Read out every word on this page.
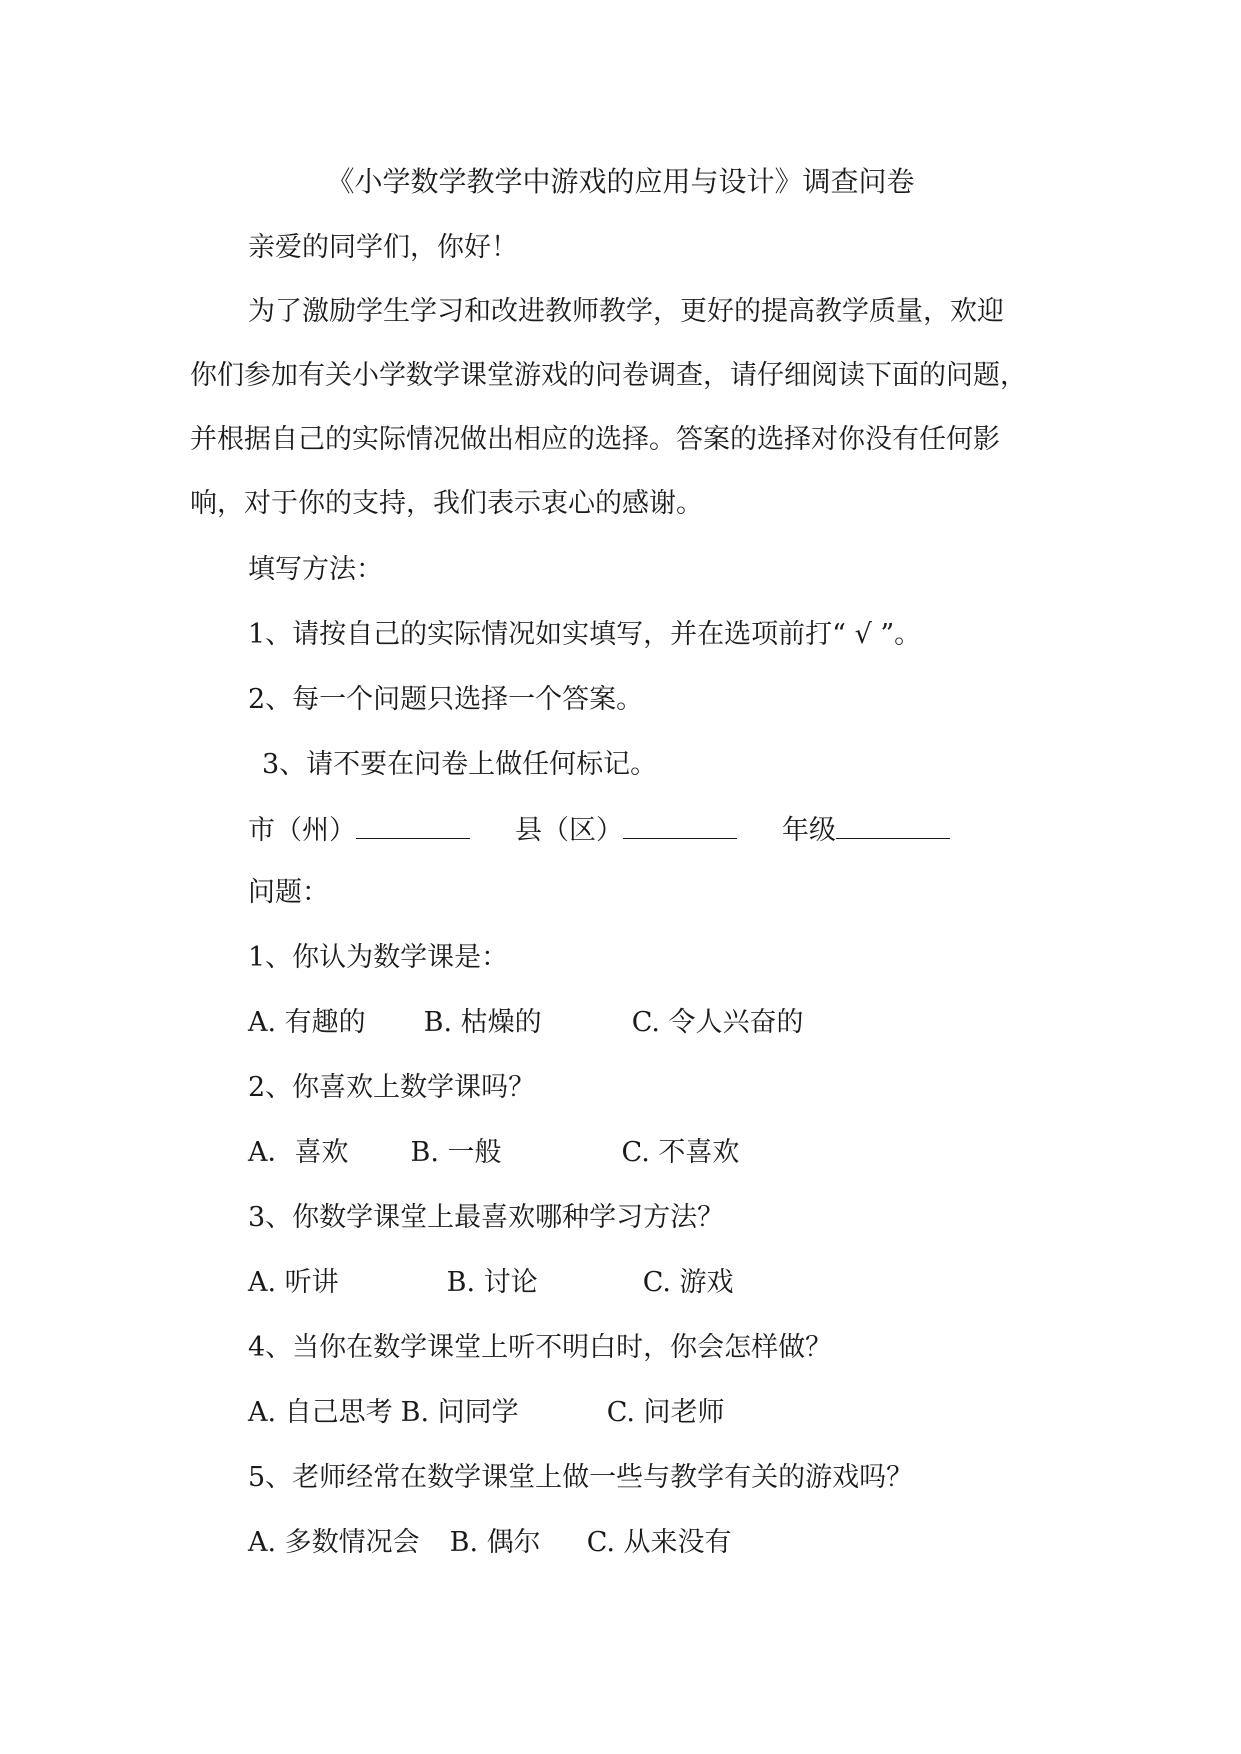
《小学数学教学中游戏的应用与设计》调查问卷
亲爱的同学们，你好！
为了激励学生学习和改进教师教学，更好的提高教学质量，欢迎
你们参加有关小学数学课堂游戏的问卷调查，请仔细阅读下面的问题，
并根据自己的实际情况做出相应的选择。答案的选择对你没有任何影
响，对于你的支持，我们表示衷心的感谢。
填写方法：
1、请按自己的实际情况如实填写，并在选项前打“ √ ”。
2、每一个问题只选择一个答案。
3、请不要在问卷上做任何标记。
市（州）	县（区）	年级
问题：
1、你认为数学课是：
A. 有趣的 B. 枯燥的	C. 令人兴奋的
2、你喜欢上数学课吗？
A．喜欢 B. 一般	C. 不喜欢
3、你数学课堂上最喜欢哪种学习方法？
A. 听讲	B. 讨论	C. 游戏
4、当你在数学课堂上听不明白时，你会怎样做？
A. 自己思考 B. 问同学	C. 问老师
5、老师经常在数学课堂上做一些与教学有关的游戏吗？
A. 多数情况会 B. 偶尔 C. 从来没有
